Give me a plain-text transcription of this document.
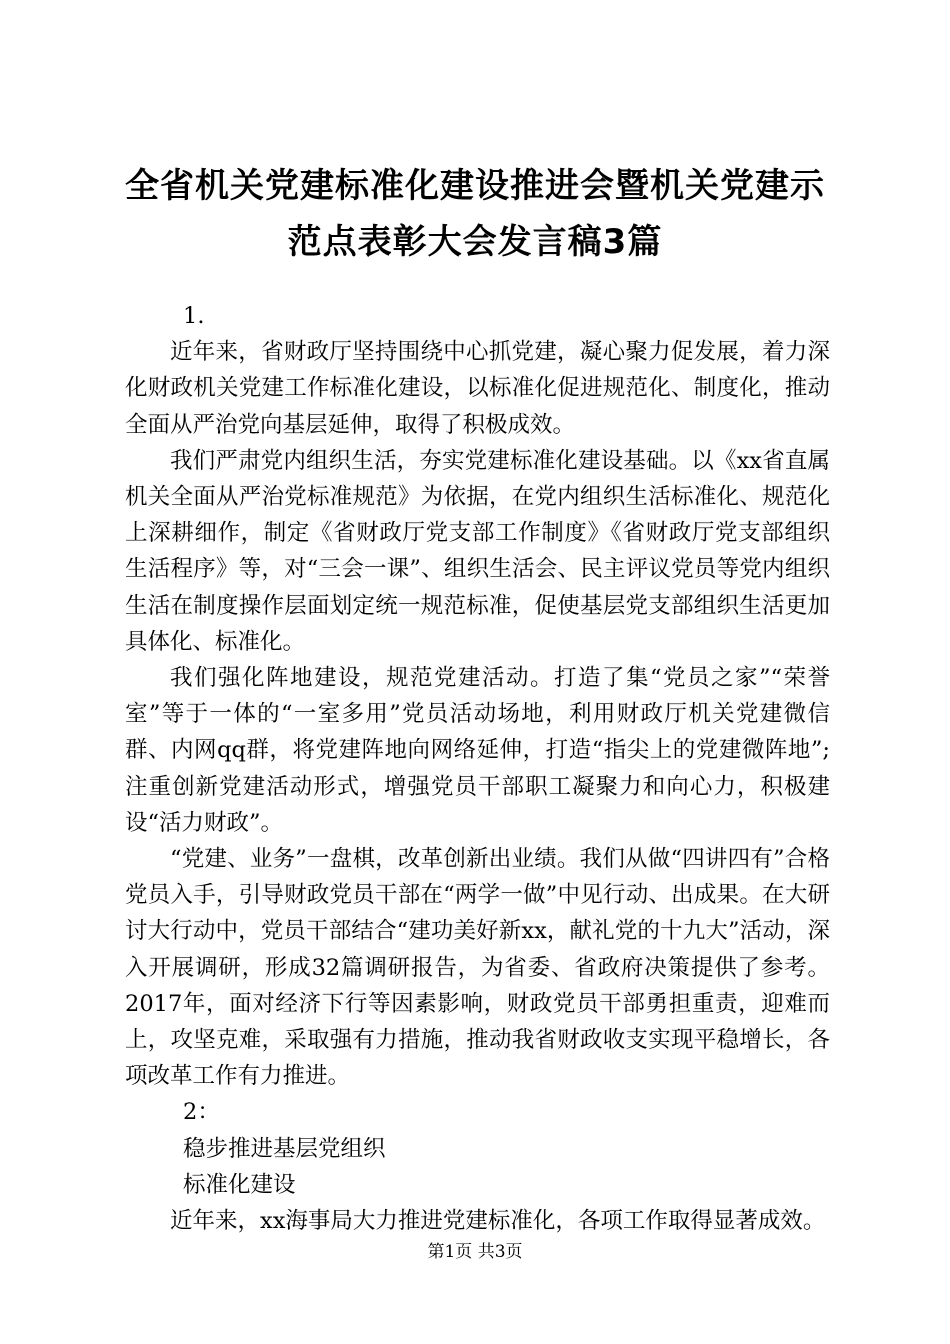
全省机关党建标准化建设推进会暨机关党建示
范点表彰大会发言稿3篇

1.

近年来，省财政厅坚持围绕中心抓党建，凝心聚力促发展，着力深化财政机关党建工作标准化建设，以标准化促进规范化、制度化，推动全面从严治党向基层延伸，取得了积极成效。

我们严肃党内组织生活，夯实党建标准化建设基础。以《xx省直属机关全面从严治党标准规范》为依据，在党内组织生活标准化、规范化上深耕细作，制定《省财政厅党支部工作制度》《省财政厅党支部组织生活程序》等，对“三会一课”、组织生活会、民主评议党员等党内组织生活在制度操作层面划定统一规范标准，促使基层党支部组织生活更加具体化、标准化。

我们强化阵地建设，规范党建活动。打造了集“党员之家”“荣誉室”等于一体的“一室多用”党员活动场地，利用财政厅机关党建微信群、内网qq群，将党建阵地向网络延伸，打造“指尖上的党建微阵地”;注重创新党建活动形式，增强党员干部职工凝聚力和向心力，积极建设“活力财政”。

“党建、业务”一盘棋，改革创新出业绩。我们从做“四讲四有”合格党员入手，引导财政党员干部在“两学一做”中见行动、出成果。在大研讨大行动中，党员干部结合“建功美好新xx，献礼党的十九大”活动，深入开展调研，形成32篇调研报告，为省委、省政府决策提供了参考。2017年，面对经济下行等因素影响，财政党员干部勇担重责，迎难而上，攻坚克难，采取强有力措施，推动我省财政收支实现平稳增长，各项改革工作有力推进。

2：

稳步推进基层党组织

标准化建设

近年来，xx海事局大力推进党建标准化，各项工作取得显著成效。

第1页 共3页
